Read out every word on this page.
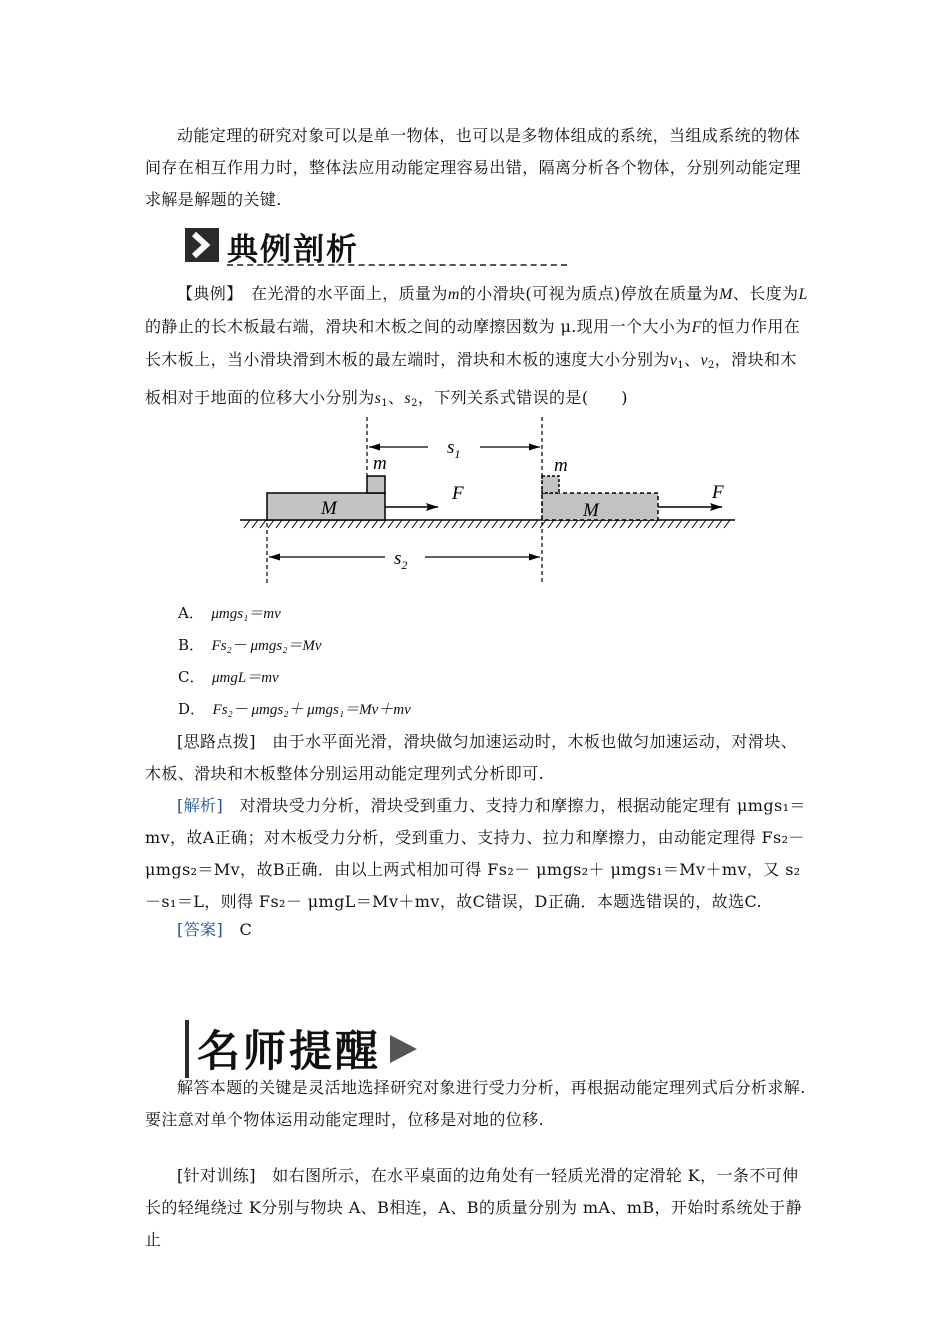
动能定理的研究对象可以是单一物体，也可以是多物体组成的系统，当组成系统的物体间存在相互作用力时，整体法应用动能定理容易出错，隔离分析各个物体，分别列动能定理求解是解题的关键.

典例剖析

【典例】　 在光滑的水平面上，质量为m的小滑块(可视为质点)停放在质量为M、长度为L的静止的长木板最右端，滑块和木板之间的动摩擦因数为 μ.现用一个大小为F的恒力作用在长木板上，当小滑块滑到木板的最左端时，滑块和木板的速度大小分别为$v_1$、$v_2$，滑块和木板相对于地面的位移大小分别为$s_1$、$s_2$，下列关系式错误的是(　　)

M
m
F
M
m
F
$s_1$
$s_2$
A．　 μmgs₁＝mv
B．　 Fs₂－ μmgs₂＝Mv
C．　 μmgL＝mv
D．　 Fs₂－ μmgs₂＋ μmgs₁＝Mv＋mv

[思路点拨]　 由于水平面光滑，滑块做匀加速运动时，木板也做匀加速运动，对滑块、木板、滑块和木板整体分别运用动能定理列式分析即可.

[解析]　 对滑块受力分析，滑块受到重力、支持力和摩擦力，根据动能定理有 μmgs₁＝mv，故A正确；对木板受力分析，受到重力、支持力、拉力和摩擦力，由动能定理得 Fs₂－ μmgs₂＝Mv，故B正确．由以上两式相加可得 Fs₂－ μmgs₂＋ μmgs₁＝Mv＋mv，又 s₂－s₁＝L，则得 Fs₂－ μmgL＝Mv＋mv，故C错误，D正确．本题选错误的，故选C.

[答案]　 C

名师提醒

解答本题的关键是灵活地选择研究对象进行受力分析，再根据动能定理列式后分析求解.要注意对单个物体运用动能定理时，位移是对地的位移.

[针对训练]　 如右图所示，在水平桌面的边角处有一轻质光滑的定滑轮 K，一条不可伸长的轻绳绕过 K分别与物块 A、B相连，A、B的质量分别为 mA、mB，开始时系统处于静止
